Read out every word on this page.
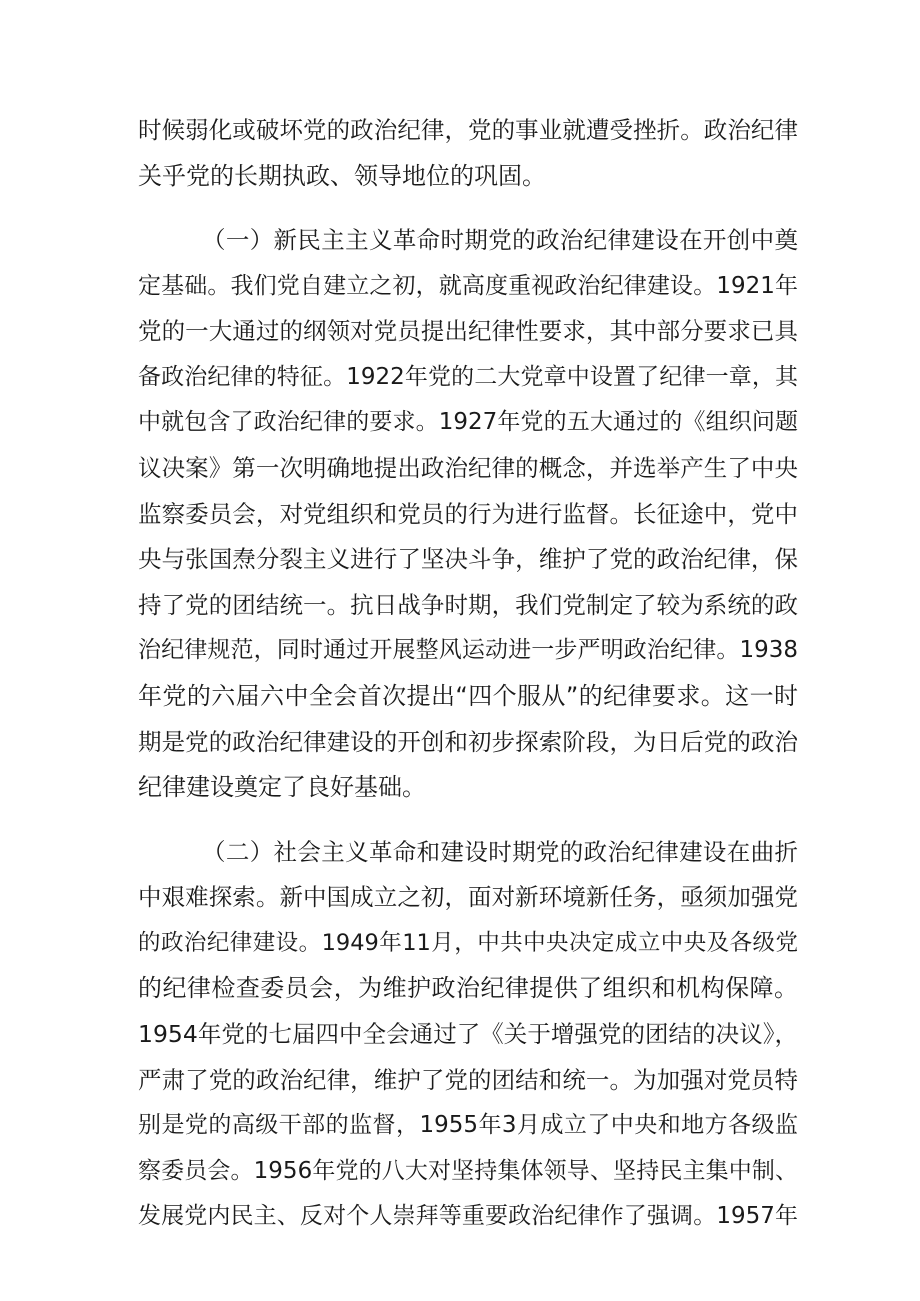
时候弱化或破坏党的政治纪律，党的事业就遭受挫折。政治纪律
关乎党的长期执政、领导地位的巩固。
（一）新民主主义革命时期党的政治纪律建设在开创中奠
定基础。我们党自建立之初，就高度重视政治纪律建设。1921年
党的一大通过的纲领对党员提出纪律性要求，其中部分要求已具
备政治纪律的特征。1922年党的二大党章中设置了纪律一章，其
中就包含了政治纪律的要求。1927年党的五大通过的《组织问题
议决案》第一次明确地提出政治纪律的概念，并选举产生了中央
监察委员会，对党组织和党员的行为进行监督。长征途中，党中
央与张国焘分裂主义进行了坚决斗争，维护了党的政治纪律，保
持了党的团结统一。抗日战争时期，我们党制定了较为系统的政
治纪律规范，同时通过开展整风运动进一步严明政治纪律。1938
年党的六届六中全会首次提出“四个服从”的纪律要求。这一时
期是党的政治纪律建设的开创和初步探索阶段，为日后党的政治
纪律建设奠定了良好基础。
（二）社会主义革命和建设时期党的政治纪律建设在曲折
中艰难探索。新中国成立之初，面对新环境新任务，亟须加强党
的政治纪律建设。1949年11月，中共中央决定成立中央及各级党
的纪律检查委员会，为维护政治纪律提供了组织和机构保障。
1954年党的七届四中全会通过了《关于增强党的团结的决议》，
严肃了党的政治纪律，维护了党的团结和统一。为加强对党员特
别是党的高级干部的监督，1955年3月成立了中央和地方各级监
察委员会。1956年党的八大对坚持集体领导、坚持民主集中制、
发展党内民主、反对个人崇拜等重要政治纪律作了强调。1957年
